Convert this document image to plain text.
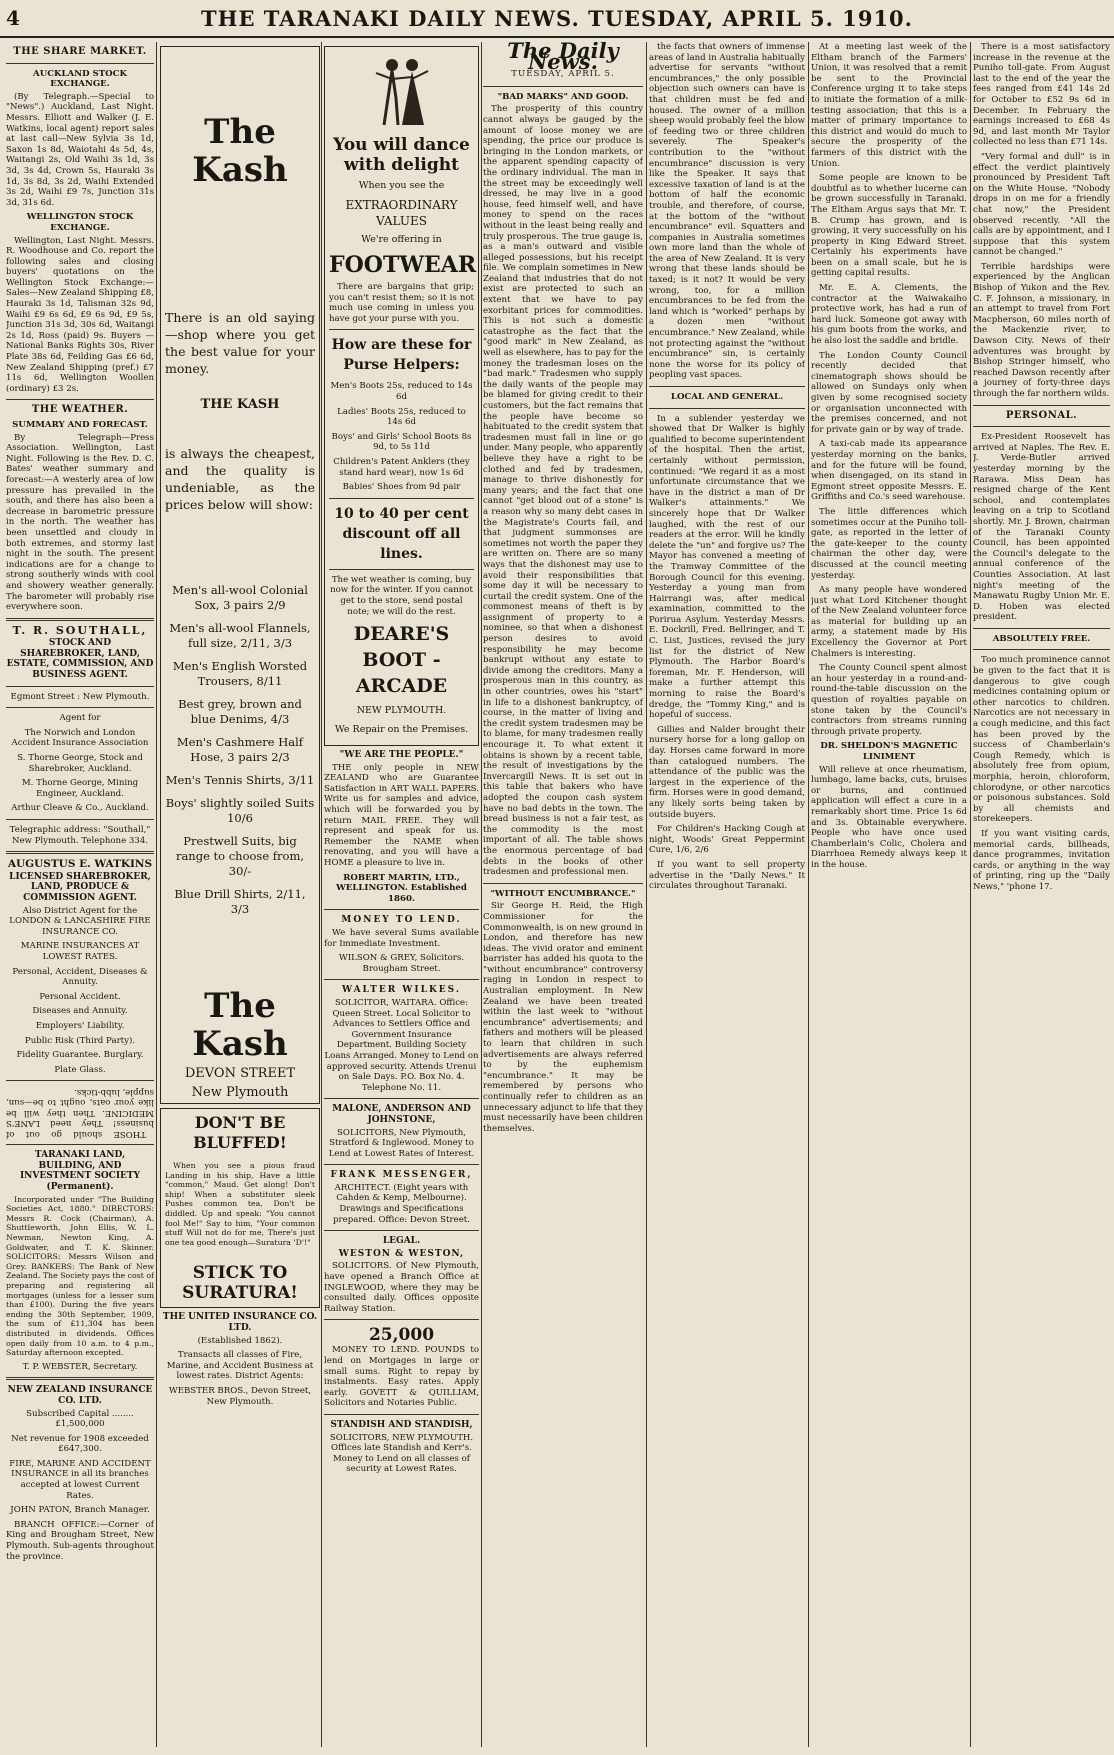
4	THE TARANAKI DAILY NEWS. TUESDAY, APRIL 5. 1910.
THE SHARE MARKET.
AUCKLAND STOCK EXCHANGE.

(By Telegraph.—Special to "News".) Auckland, Last Night. Messrs. Elliott and Walker (J. E. Watkins, local agent) report sales at last call—New Sylvia 3s 1d, Saxon 1s 8d, Waiotahi 4s 5d, 4s, Waitangi 2s, Old Waihi 3s 1d, 3s 3d, 3s 4d, Crown 5s, Hauraki 3s 1d, 3s 8d, 3s 2d, Waihi Extended 3s 2d, Waihi £9 7s, Junction 31s 3d, 31s 6d.

WELLINGTON STOCK EXCHANGE.

Wellington, Last Night. Messrs. R. Woodhouse and Co. report the following sales and closing buyers' quotations on the Wellington Stock Exchange:—Sales—New Zealand Shipping £8, Hauraki 3s 1d, Talisman 32s 9d, Waihi £9 6s 6d, £9 6s 9d, £9 5s, Junction 31s 3d, 30s 6d, Waitangi 2s 1d, Ross (paid) 9s. Buyers — National Banks Rights 30s, River Plate 38s 6d, Feilding Gas £6 6d, New Zealand Shipping (pref.) £7 11s 6d, Wellington Woollen (ordinary) £3 2s.

THE WEATHER.
SUMMARY AND FORECAST.

By Telegraph—Press Association. Wellington, Last Night. Following is the Rev. D. C. Bates' weather summary and forecast:—A westerly area of low pressure has prevailed in the south, and there has also been a decrease in barometric pressure in the north. The weather has been unsettled and cloudy in both extremes, and stormy last night in the south. The present indications are for a change to strong southerly winds with cool and showery weather generally. The barometer will probably rise everywhere soon.

T. R. SOUTHALL,
STOCK AND SHAREBROKER, LAND, ESTATE, COMMISSION, AND BUSINESS AGENT.

Egmont Street : New Plymouth.

Agent for

The Norwich and London Accident Insurance Association

S. Thorne George, Stock and Sharebroker, Auckland.

M. Thorne George, Mining Engineer, Auckland.

Arthur Cleave & Co., Auckland.

Telegraphic address: "Southall," New Plymouth. Telephone 334.

AUGUSTUS E. WATKINS
LICENSED SHAREBROKER, LAND, PRODUCE & COMMISSION AGENT.

Also District Agent for the LONDON & LANCASHIRE FIRE INSURANCE CO.

MARINE INSURANCES AT LOWEST RATES.

Personal, Accident, Diseases & Annuity.

Personal Accident.

Diseases and Annuity.

Employers' Liability.

Public Risk (Third Party).

Fidelity Guarantee. Burglary.

Plate Glass.

THOSE should go out of business! They need LANE'S MEDICINE. Then they will be like your oats, ought to be—sun, supple, lubb-ticks.

TARANAKI LAND, BUILDING, AND INVESTMENT SOCIETY (Permanent).

Incorporated under "The Building Societies Act, 1880." DIRECTORS: Messrs R. Cock (Chairman), A. Shuttleworth, John Ellis, W. L. Newman, Newton King, A. Goldwater, and T. K. Skinner. SOLICITORS: Messrs Wilson and Grey. BANKERS: The Bank of New Zealand. The Society pays the cost of preparing and registering all mortgages (unless for a lesser sum than £100). During the five years ending the 30th September, 1909, the sum of £11,304 has been distributed in dividends. Offices open daily from 10 a.m. to 4 p.m., Saturday afternoon excepted.

T. P. WEBSTER, Secretary.

NEW ZEALAND INSURANCE CO. LTD.

Subscribed Capital ........ £1,500,000

Net revenue for 1908 exceeded £647,300.

FIRE, MARINE AND ACCIDENT INSURANCE in all its branches accepted at lowest Current Rates.

JOHN PATON, Branch Manager.

BRANCH OFFICE:—Corner of King and Brougham Street, New Plymouth. Sub-agents throughout the province.

The Kash
There is an old saying—shop where you get the best value for your money.
THE KASH
is always the cheapest, and the quality is undeniable, as the prices below will show:
Men's all-wool Colonial Sox, 3 pairs 2/9
Men's all-wool Flannels, full size, 2/11, 3/3
Men's English Worsted Trousers, 8/11
Best grey, brown and blue Denims, 4/3
Men's Cashmere Half Hose, 3 pairs 2/3
Men's Tennis Shirts, 3/11
Boys' slightly soiled Suits 10/6
Prestwell Suits, big range to choose from, 30/-
Blue Drill Shirts, 2/11, 3/3
The Kash
DEVON STREET
New Plymouth
DON'T BE BLUFFED!

When you see a pious fraud Landing in his ship, Have a little "common," Maud. Get along! Don't ship! When a substituter sleek Pushes common tea, Don't be diddled. Up and speak: "You cannot fool Me!" Say to him, "Your common stuff Will not do for me, There's just one tea good enough—Suratura 'D'!"

STICK TO SURATURA!
THE UNITED INSURANCE CO. LTD.

(Established 1862).

Transacts all classes of Fire, Marine, and Accident Business at lowest rates. District Agents:

WEBSTER BROS., Devon Street, New Plymouth.

You will dance with delight
When you see the
EXTRAORDINARY VALUES
We're offering in
FOOTWEAR

There are bargains that grip; you can't resist them; so it is not much use coming in unless you have got your purse with you.

How are these for Purse Helpers:

Men's Boots 25s, reduced to 14s 6d

Ladies' Boots 25s, reduced to 14s 6d

Boys' and Girls' School Boots 8s 9d, to 5s 11d

Children's Patent Anklers (they stand hard wear), now 1s 6d

Babies' Shoes from 9d pair

10 to 40 per cent discount off all lines.

The wet weather is coming, buy now for the winter. If you cannot get to the store, send postal note; we will do the rest.

DEARE'S BOOT - ARCADE
NEW PLYMOUTH.
We Repair on the Premises.
"WE ARE THE PEOPLE."

THE only people in NEW ZEALAND who are Guarantee Satisfaction in ART WALL PAPERS. Write us for samples and advice, which will be forwarded you by return MAIL FREE. They will represent and speak for us. Remember the NAME when renovating, and you will have a HOME a pleasure to live in.

ROBERT MARTIN, LTD., WELLINGTON. Established 1860.

MONEY TO LEND.

We have several Sums available for Immediate Investment.

WILSON & GREY, Solicitors. Brougham Street.

WALTER WILKES.

SOLICITOR, WAITARA. Office: Queen Street. Local Solicitor to Advances to Settlers Office and Government Insurance Department. Building Society Loans Arranged. Money to Lend on approved security. Attends Urenui on Sale Days. P.O. Box No. 4. Telephone No. 11.

MALONE, ANDERSON AND JOHNSTONE,

SOLICITORS, New Plymouth, Stratford & Inglewood. Money to Lend at Lowest Rates of Interest.

FRANK MESSENGER,

ARCHITECT. (Eight years with Cahden & Kemp, Melbourne). Drawings and Specifications prepared. Office: Devon Street.

LEGAL.
WESTON & WESTON,

SOLICITORS. Of New Plymouth, have opened a Branch Office at INGLEWOOD, where they may be consulted daily. Offices opposite Railway Station.

25,000

MONEY TO LEND. POUNDS to lend on Mortgages in large or small sums. Right to repay by instalments. Easy rates. Apply early. GOVETT & QUILLIAM, Solicitors and Notaries Public.

STANDISH AND STANDISH,

SOLICITORS, NEW PLYMOUTH. Offices late Standish and Kerr's. Money to Lend on all classes of security at Lowest Rates.

The Daily News.
TUESDAY, APRIL 5.
"BAD MARKS" AND GOOD.

The prosperity of this country cannot always be gauged by the amount of loose money we are spending, the price our produce is bringing in the London markets, or the apparent spending capacity of the ordinary individual. The man in the street may be exceedingly well dressed, he may live in a good house, feed himself well, and have money to spend on the races without in the least being really and truly prosperous. The true gauge is, as a man's outward and visible alleged possessions, but his receipt file. We complain sometimes in New Zealand that industries that do not exist are protected to such an extent that we have to pay exorbitant prices for commodities. This is not such a domestic catastrophe as the fact that the "good mark" in New Zealand, as well as elsewhere, has to pay for the money the tradesman loses on the "bad mark." Tradesmen who supply the daily wants of the people may be blamed for giving credit to their customers, but the fact remains that the people have become so habituated to the credit system that tradesmen must fall in line or go under. Many people, who apparently believe they have a right to be clothed and fed by tradesmen, manage to thrive dishonestly for many years; and the fact that one cannot "get blood out of a stone" is a reason why so many debt cases in the Magistrate's Courts fail, and that judgment summonses are sometimes not worth the paper they are written on. There are so many ways that the dishonest may use to avoid their responsibilities that some day it will be necessary to curtail the credit system. One of the commonest means of theft is by assignment of property to a nominee, so that when a dishonest person desires to avoid responsibility he may become bankrupt without any estate to divide among the creditors. Many a prosperous man in this country, as in other countries, owes his "start" in life to a dishonest bankruptcy, of course, in the matter of living and the credit system tradesmen may be to blame, for many tradesmen really encourage it. To what extent it obtains is shown by a recent table, the result of investigations by the Invercargill News. It is set out in this table that bakers who have adopted the coupon cash system have no bad debts in the town. The bread business is not a fair test, as the commodity is the most important of all. The table shows the enormous percentage of bad debts in the books of other tradesmen and professional men.

"WITHOUT ENCUMBRANCE."

Sir George H. Reid, the High Commissioner for the Commonwealth, is on new ground in London, and therefore has new ideas. The vivid orator and eminent barrister has added his quota to the "without encumbrance" controversy raging in London in respect to Australian employment. In New Zealand we have been treated within the last week to "without encumbrance" advertisements; and fathers and mothers will be pleased to learn that children in such advertisements are always referred to by the euphemism "encumbrance." It may be remembered by persons who continually refer to children as an unnecessary adjunct to life that they must necessarily have been children themselves.

the facts that owners of immense areas of land in Australia habitually advertise for servants "without encumbrances," the only possible objection such owners can have is that children must be fed and housed. The owner of a million sheep would probably feel the blow of feeding two or three children severely. The Speaker's contribution to the "without encumbrance" discussion is very like the Speaker. It says that excessive taxation of land is at the bottom of half the economic trouble, and therefore, of course, at the bottom of the "without encumbrance" evil. Squatters and companies in Australia sometimes own more land than the whole of the area of New Zealand. It is very wrong that these lands should be taxed; is it not? It would be very wrong, too, for a million encumbrances to be fed from the land which is "worked" perhaps by a dozen men "without encumbrance." New Zealand, while not protecting against the "without encumbrance" sin, is certainly none the worse for its policy of peopling vast spaces.

LOCAL AND GENERAL.

In a sublender yesterday we showed that Dr Walker is highly qualified to become superintendent of the hospital. Then the artist, certainly without permission, continued: "We regard it as a most unfortunate circumstance that we have in the district a man of Dr Walker's attainments." We sincerely hope that Dr Walker laughed, with the rest of our readers at the error. Will he kindly delete the "un" and forgive us? The Mayor has convened a meeting of the Tramway Committee of the Borough Council for this evening. Yesterday a young man from Hairrangi was, after medical examination, committed to the Porirua Asylum. Yesterday Messrs. E. Dockrill, Fred. Bellringer, and T. C. List, Justices, revised the jury list for the district of New Plymouth. The Harbor Board's foreman, Mr. F. Henderson, will make a further attempt this morning to raise the Board's dredge, the "Tommy King," and is hopeful of success.

Gillies and Nalder brought their nursery horse for a long gallop on day. Horses came forward in more than catalogued numbers. The attendance of the public was the largest in the experience of the firm. Horses were in good demand, any likely sorts being taken by outside buyers.

For Children's Hacking Cough at night, Woods' Great Peppermint Cure, 1/6, 2/6

If you want to sell property advertise in the "Daily News." It circulates throughout Taranaki.

At a meeting last week of the Eltham branch of the Farmers' Union, it was resolved that a remit be sent to the Provincial Conference urging it to take steps to initiate the formation of a milk-testing association; that this is a matter of primary importance to this district and would do much to secure the prosperity of the farmers of this district with the Union.

Some people are known to be doubtful as to whether lucerne can be grown successfully in Taranaki. The Eltham Argus says that Mr. T. B. Crump has grown, and is growing, it very successfully on his property in King Edward Street. Certainly his experiments have been on a small scale, but he is getting capital results.

Mr. E. A. Clements, the contractor at the Waiwakaiho protective work, has had a run of hard luck. Someone got away with his gum boots from the works, and he also lost the saddle and bridle.

The London County Council recently decided that cinematograph shows should be allowed on Sundays only when given by some recognised society or organisation unconnected with the premises concerned, and not for private gain or by way of trade.

A taxi-cab made its appearance yesterday morning on the banks, and for the future will be found, when disengaged, on its stand in Egmont street opposite Messrs. E. Griffiths and Co.'s seed warehouse.

The little differences which sometimes occur at the Puniho toll-gate, as reported in the letter of the gate-keeper to the county chairman the other day, were discussed at the council meeting yesterday.

As many people have wondered just what Lord Kitchener thought of the New Zealand volunteer force as material for building up an army, a statement made by His Excellency the Governor at Port Chalmers is interesting.

The County Council spent almost an hour yesterday in a round-and-round-the-table discussion on the question of royalties payable on stone taken by the Council's contractors from streams running through private property.

DR. SHELDON'S MAGNETIC LINIMENT

Will relieve at once rheumatism, lumbago, lame backs, cuts, bruises or burns, and continued application will effect a cure in a remarkably short time. Price 1s 6d and 3s. Obtainable everywhere. People who have once used Chamberlain's Colic, Cholera and Diarrhoea Remedy always keep it in the house.

There is a most satisfactory increase in the revenue at the Puniho toll-gate. From August last to the end of the year the fees ranged from £41 14s 2d for October to £52 9s 6d in December. In February the earnings increased to £68 4s 9d, and last month Mr Taylor collected no less than £71 14s.

"Very formal and dull" is in effect the verdict plaintively pronounced by President Taft on the White House. "Nobody drops in on me for a friendly chat now," the President observed recently. "All the calls are by appointment, and I suppose that this system cannot be changed."

Terrible hardships were experienced by the Anglican Bishop of Yukon and the Rev. C. F. Johnson, a missionary, in an attempt to travel from Fort Macpherson, 60 miles north of the Mackenzie river, to Dawson City. News of their adventures was brought by Bishop Stringer himself, who reached Dawson recently after a journey of forty-three days through the far northern wilds.

PERSONAL.

Ex-President Roosevelt has arrived at Naples. The Rev. E. J. Verde-Butler arrived yesterday morning by the Rarawa. Miss Dean has resigned charge of the Kent school, and contemplates leaving on a trip to Scotland shortly. Mr. J. Brown, chairman of the Taranaki County Council, has been appointed the Council's delegate to the annual conference of the Counties Association. At last night's meeting of the Manawatu Rugby Union Mr. E. D. Hoben was elected president.

ABSOLUTELY FREE.

Too much prominence cannot be given to the fact that it is dangerous to give cough medicines containing opium or other narcotics to children. Narcotics are not necessary in a cough medicine, and this fact has been proved by the success of Chamberlain's Cough Remedy, which is absolutely free from opium, morphia, heroin, chloroform, chlorodyne, or other narcotics or poisonous substances. Sold by all chemists and storekeepers.

If you want visiting cards, memorial cards, billheads, dance programmes, invitation cards, or anything in the way of printing, ring up the "Daily News," 'phone 17.
